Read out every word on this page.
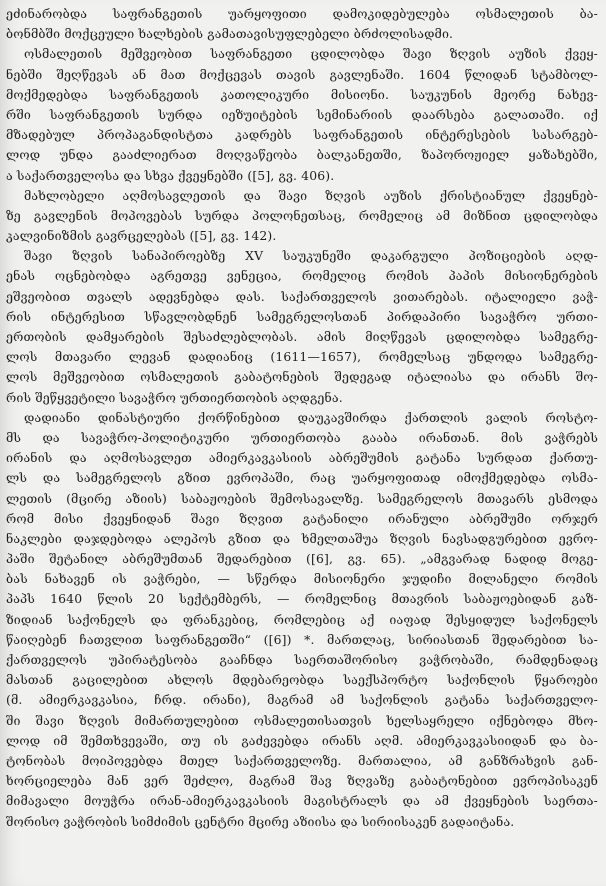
ეძინარობდა საფრანგეთის უარყოფითი დამოკიდებულება ოსმალეთის ბა-
ბონმბში მოქცეული ხალხების გამათავისუფლებელი ბრძოლისადმი.
ოსმალეთის მეშვეობით საფრანგეთი ცდილობდა შავი ზღვის აუზის ქვეყ-
ნებში შეღწევას ან მათ მოქცევას თავის გავლენაში. 1604 წლიდან სტამბოლ-
მოქმედებდა საფრანგეთის კათოლიკური მისიონი. საუკუნის მეორე ნახევ-
რში საფრანგეთის სურდა იეზუიტების სემინარიის დაარსება გალათაში. იქ
მზადებულ პროპაგანდისტთა კადრებს საფრანგეთის ინტერესების სასარგებ-
ლოდ უნდა გააძლიერათ მოღვაწეობა ბალკანეთში, ზაპოროჟიელ ყაზახებში,
ა საქართველოსა და სხვა ქვეყნებში ([5], გვ. 406).
მახლობელი აღმოსავლეთის და შავი ზღვის აუზის ქრისტიანულ ქვეყნებ-
ზე გავლენის მოპოვებას სურდა პოლონეთსაც, რომელიც ამ მიზნით ცდილობდა
კალვინიზმის გავრცელებას ([5], გვ. 142).
შავი ზღვის სანაპიროებზე XV საუკუნეში დაკარგული პოზიციების აღდ-
ენას ოცნებობდა აგრეთვე ვენეცია, რომელიც რომის პაპის მისიონერების
ეშვეობით თვალს ადევნებდა დას. საქართველოს ვითარებას. იტალიელი ვაჭ-
რის ინტერესით სწავლობდნენ სამეგრელოსთან პირდაპირი სავაჭრო ურთი-
ერთობის დამყარების შესაძლებლობას. ამის მიღწევას ცდილობდა სამეგრე-
ლოს მთავარი ლევან დადიანიც (1611—1657), რომელსაც უნდოდა სამეგრე-
ლოს მეშვეობით ოსმალეთის გაბატონების შედეგად იტალიასა და ირანს შო-
რის შეწყვეტილი სავაჭრო ურთიერთობის აღდგენა.
დადიანი დინასტიური ქორწინებით დაუკავშირდა ქართლის ვალის როსტო-
მს და სავაჭრო-პოლიტიკური ურთიერთობა გააბა ირანთან. მის ვაჭრებს
ირანის და აღმოსავლეთ ამიერკავკასიის აბრეშუმის გატანა სურდათ ქართუ-
ლს და სამეგრელოს გზით ევროპაში, რაც უარყოფითად იმოქმედებდა ოსმა-
ლეთის (მცირე აზიის) საბაჟოების შემოსავალზე. სამეგრელოს მთავარს ესმოდა
რომ მისი ქვეყნიდან შავი ზღვით გატანილი ირანული აბრეშუმი ორჯერ
ნაკლები დაჯდებოდა ალეპოს გზით და ხმელთაშუა ზღვის ნავსადგურებით ევრო-
პაში შეტანილ აბრეშუმთან შედარებით ([6], გვ. 65). „ამგვარად ნადიდ მოგე-
ბას ნახავენ ის ვაჭრები, — სწერდა მისიონერი ჯუდიჩი მილანელი რომის
პაპს 1640 წლის 20 სექტემბერს, — რომელნიც მთავრის საბაჟოებიდან გაზ-
ზიდიან საქონელს და ფრანკებიც, რომლებიც აქ იაფად შესყიდულ საქონელს
წაიღებენ ჩათვლით საფრანგეთში“ ([6]) *. მართლაც, სირიასთან შედარებით სა-
ქართველოს უპირატესობა გააჩნდა საერთაშორისო ვაჭრობაში, რამდენადაც
მასთან გაცილებით ახლოს მდებარეობდა საექსპორტო საქონლის წყაროები
(მ. ამიერკავკასია, ჩრდ. ირანი), მაგრამ ამ საქონლის გატანა საქართველო-
ში შავი ზღვის მიმართულებით ოსმალეთისათვის ხელსაყრელი იქნებოდა მხო-
ლოდ იმ შემთხვევაში, თუ ის გაძევებდა ირანს აღმ. ამიერკავკასიიდან და ბა-
ტონობას მოიპოვებდა მთელ საქართველოზე. მართალია, ამ განზრახვის გან-
ხორციელება მან ვერ შეძლო, მაგრამ შავ ზღვაზე გაბატონებით ევროპისაკენ
მიმავალი მოუჭრა ირან-ამიერკავკასიის მაგისტრალს და ამ ქვეყნების საერთა-
შორისო ვაჭრობის სიმძიმის ცენტრი მცირე აზიისა და სირიისაკენ გადაიტანა.
